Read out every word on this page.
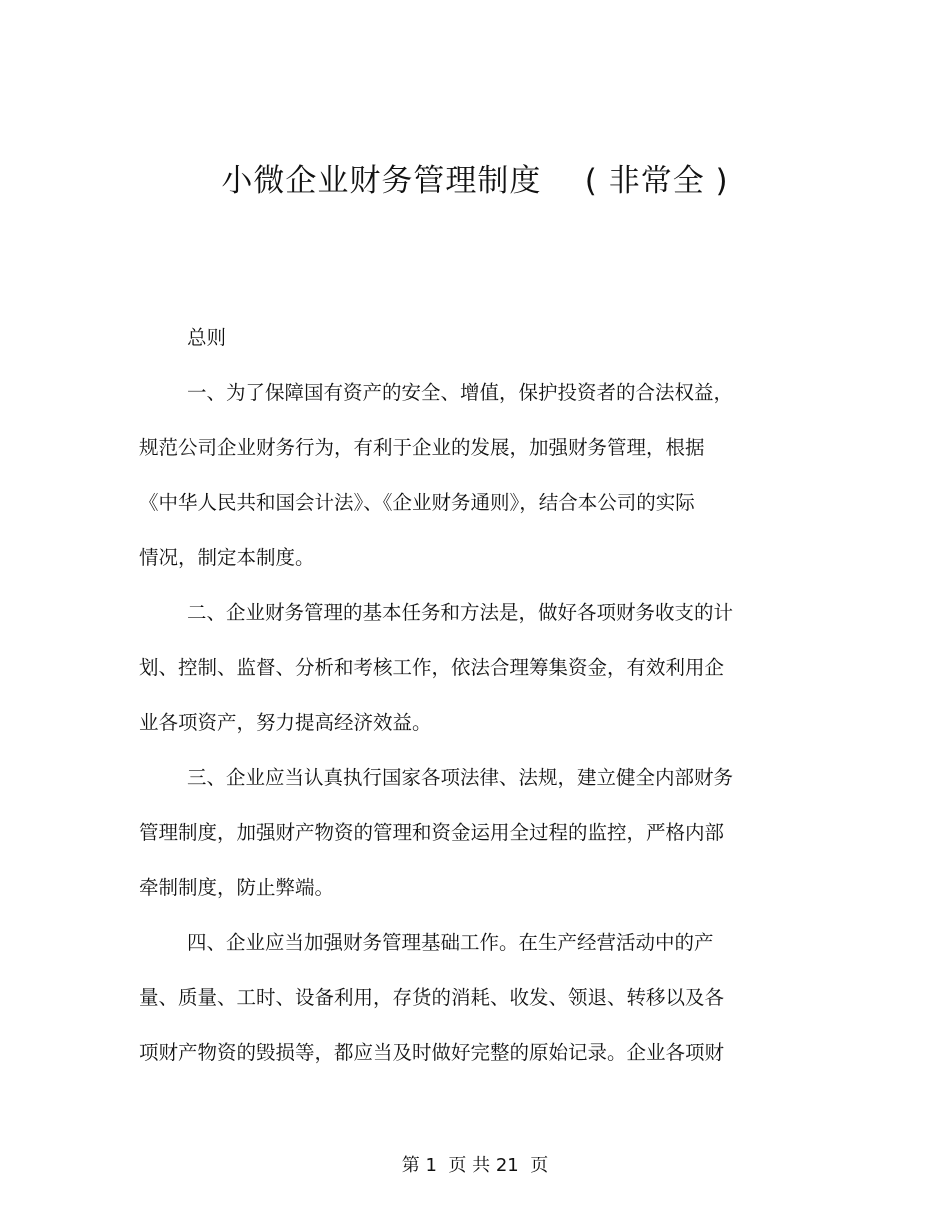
小微企业财务管理制度    ( 非常全 )

总则

一、为了保障国有资产的安全、增值，保护投资者的合法权益，
规范公司企业财务行为，有利于企业的发展，加强财务管理，根据
《中华人民共和国会计法》、《企业财务通则》，结合本公司的实际
情况，制定本制度。

二、企业财务管理的基本任务和方法是，做好各项财务收支的计
划、控制、监督、分析和考核工作，依法合理筹集资金，有效利用企
业各项资产，努力提高经济效益。

三、企业应当认真执行国家各项法律、法规，建立健全内部财务
管理制度，加强财产物资的管理和资金运用全过程的监控，严格内部
牵制制度，防止弊端。

四、企业应当加强财务管理基础工作。在生产经营活动中的产
量、质量、工时、设备利用，存货的消耗、收发、领退、转移以及各
项财产物资的毁损等，都应当及时做好完整的原始记录。企业各项财

第 1  页 共 21  页
